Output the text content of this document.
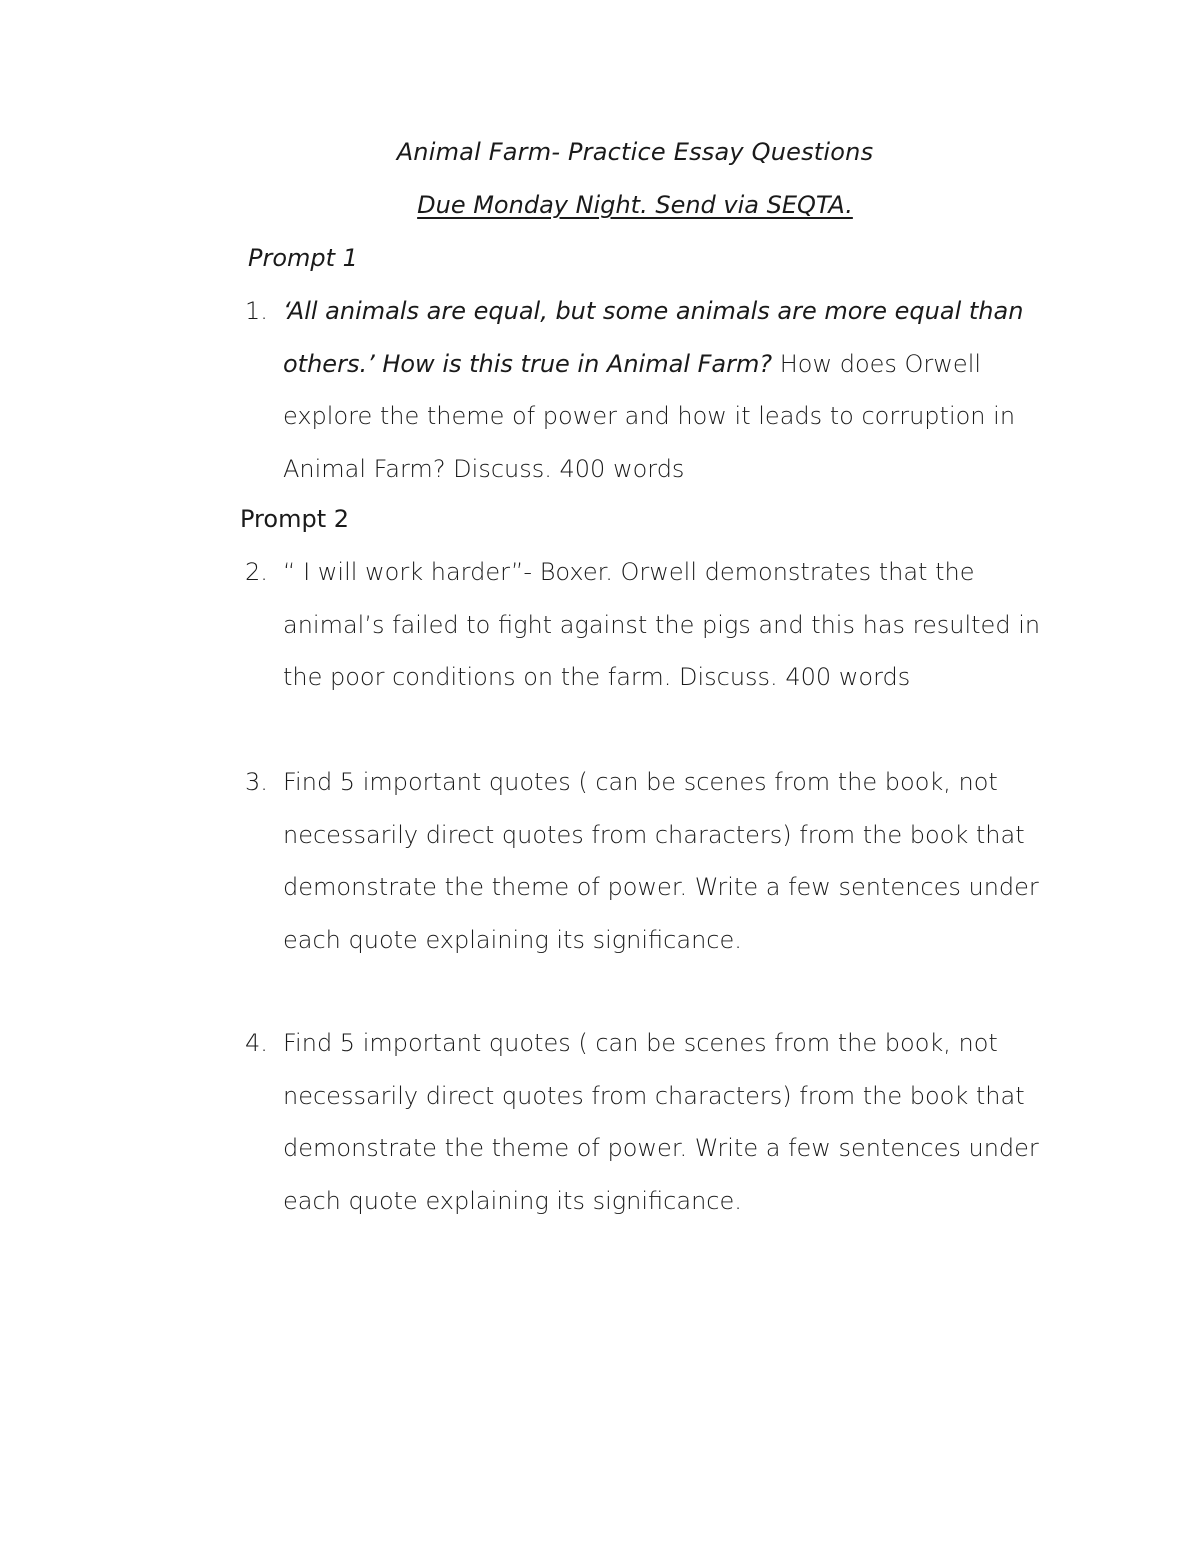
Animal Farm- Practice Essay Questions
Due Monday Night. Send via SEQTA.
Prompt 1
1. ‘All animals are equal, but some animals are more equal than others.’ How is this true in Animal Farm? How does Orwell explore the theme of power and how it leads to corruption in Animal Farm? Discuss. 400 words
Prompt 2
2. “ I will work harder”- Boxer. Orwell demonstrates that the animal’s failed to fight against the pigs and this has resulted in the poor conditions on the farm. Discuss. 400 words
3. Find 5 important quotes ( can be scenes from the book, not necessarily direct quotes from characters) from the book that demonstrate the theme of power. Write a few sentences under each quote explaining its significance.
4. Find 5 important quotes ( can be scenes from the book, not necessarily direct quotes from characters) from the book that demonstrate the theme of power. Write a few sentences under each quote explaining its significance.
